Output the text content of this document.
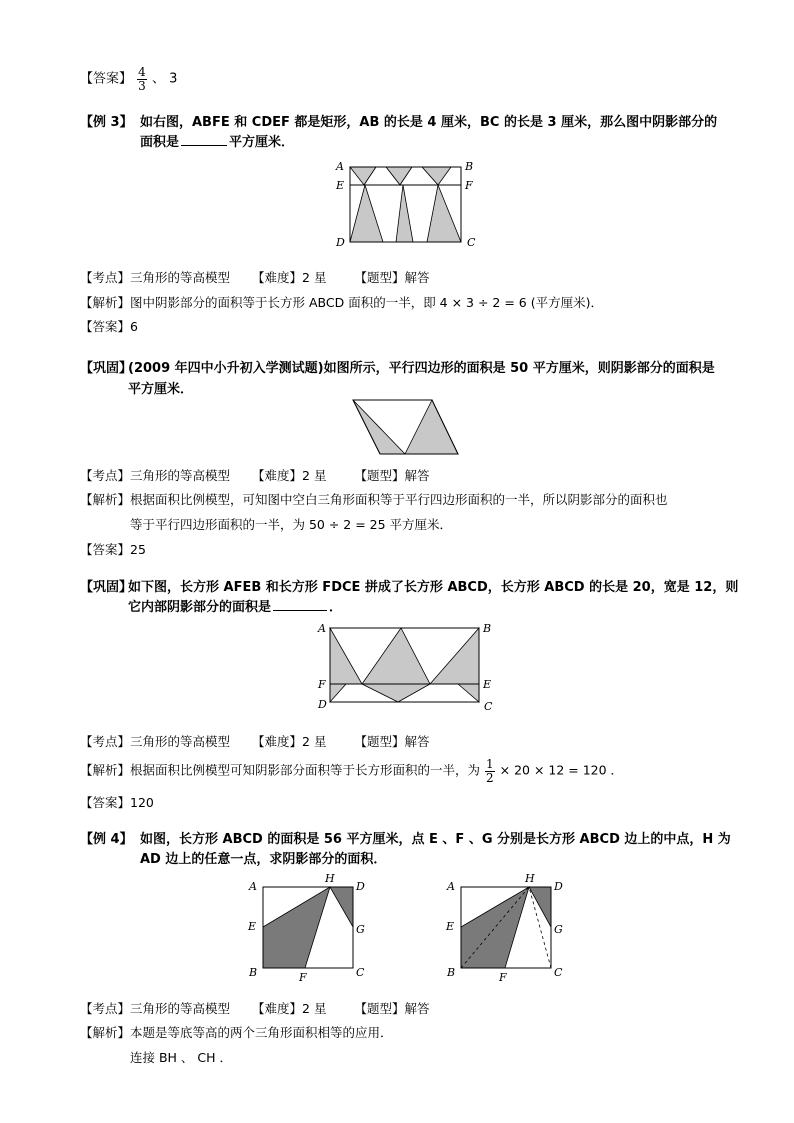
【答案】 $\frac{4}{3}$ 、 3
【例 3】 如右图，ABFE 和 CDEF 都是矩形，AB 的长是 4 厘米，BC 的长是 3 厘米，那么图中阴影部分的
面积是	平方厘米．
A	B
E	F
D	C
【考点】三角形的等高模型 【难度】2 星 【题型】解答
【解析】图中阴影部分的面积等于长方形 ABCD 面积的一半，即 4 × 3 ÷ 2 = 6 (平方厘米)．
【答案】6
【巩固】
(2009 年四中小升初入学测试题)如图所示，平行四边形的面积是 50 平方厘米，则阴影部分的面积是
平方厘米．
【考点】三角形的等高模型 【难度】2 星 【题型】解答
【解析】根据面积比例模型，可知图中空白三角形面积等于平行四边形面积的一半，所以阴影部分的面积也
等于平行四边形面积的一半，为 50 ÷ 2 = 25 平方厘米．
【答案】25
【巩固】
如下图，长方形 AFEB 和长方形 FDCE 拼成了长方形 ABCD，长方形 ABCD 的长是 20，宽是 12，则
它内部阴影部分的面积是	．
A	B
F	E
D	C
【考点】三角形的等高模型 【难度】2 星 【题型】解答
【解析】根据面积比例模型可知阴影部分面积等于长方形面积的一半，为 $\frac{1}{2} \times 20 \times 12 = 120$ ．
【答案】120
【例 4】 如图，长方形 ABCD 的面积是 56 平方厘米，点 E 、F 、G 分别是长方形 ABCD 边上的中点，H 为
AD 边上的任意一点，求阴影部分的面积．
A
H
D
E	G
B	F	C
A
H
D
E	G
B	F	C
【考点】三角形的等高模型 【难度】2 星 【题型】解答
【解析】本题是等底等高的两个三角形面积相等的应用．
连接 BH 、 CH ．
